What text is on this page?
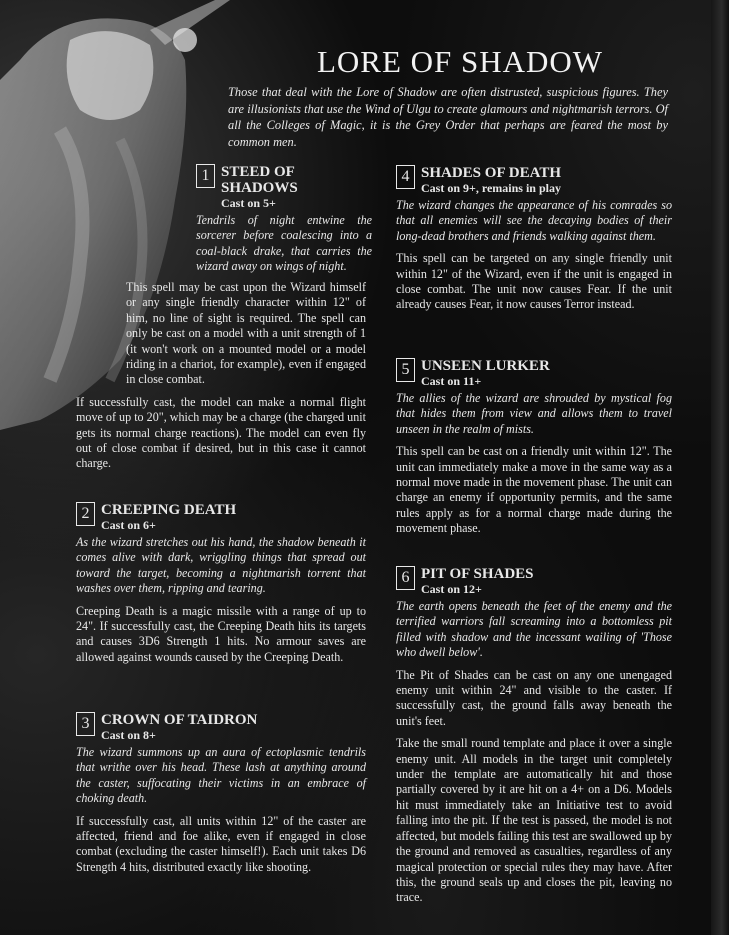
LORE OF SHADOW

Those that deal with the Lore of Shadow are often distrusted, suspicious figures. They are illusionists that use the Wind of Ulgu to create glamours and nightmarish terrors. Of all the Colleges of Magic, it is the Grey Order that perhaps are feared the most by common men.

1 STEED OF SHADOWS
Cast on 5+

Tendrils of night entwine the sorcerer before coalescing into a coal-black drake, that carries the wizard away on wings of night.

This spell may be cast upon the Wizard himself or any single friendly character within 12" of him, no line of sight is required. The spell can only be cast on a model with a unit strength of 1 (it won't work on a mounted model or a model riding in a chariot, for example), even if engaged in close combat.

If successfully cast, the model can make a normal flight move of up to 20", which may be a charge (the charged unit gets its normal charge reactions). The model can even fly out of close combat if desired, but in this case it cannot charge.

2 CREEPING DEATH
Cast on 6+

As the wizard stretches out his hand, the shadow beneath it comes alive with dark, wriggling things that spread out toward the target, becoming a nightmarish torrent that washes over them, ripping and tearing.

Creeping Death is a magic missile with a range of up to 24". If successfully cast, the Creeping Death hits its targets and causes 3D6 Strength 1 hits. No armour saves are allowed against wounds caused by the Creeping Death.

3 CROWN OF TAIDRON
Cast on 8+

The wizard summons up an aura of ectoplasmic tendrils that writhe over his head. These lash at anything around the caster, suffocating their victims in an embrace of choking death.

If successfully cast, all units within 12" of the caster are affected, friend and foe alike, even if engaged in close combat (excluding the caster himself!). Each unit takes D6 Strength 4 hits, distributed exactly like shooting.

4 SHADES OF DEATH
Cast on 9+, remains in play

The wizard changes the appearance of his comrades so that all enemies will see the decaying bodies of their long-dead brothers and friends walking against them.

This spell can be targeted on any single friendly unit within 12" of the Wizard, even if the unit is engaged in close combat. The unit now causes Fear. If the unit already causes Fear, it now causes Terror instead.

5 UNSEEN LURKER
Cast on 11+

The allies of the wizard are shrouded by mystical fog that hides them from view and allows them to travel unseen in the realm of mists.

This spell can be cast on a friendly unit within 12". The unit can immediately make a move in the same way as a normal move made in the movement phase. The unit can charge an enemy if opportunity permits, and the same rules apply as for a normal charge made during the movement phase.

6 PIT OF SHADES
Cast on 12+

The earth opens beneath the feet of the enemy and the terrified warriors fall screaming into a bottomless pit filled with shadow and the incessant wailing of 'Those who dwell below'.

The Pit of Shades can be cast on any one unengaged enemy unit within 24" and visible to the caster. If successfully cast, the ground falls away beneath the unit's feet.

Take the small round template and place it over a single enemy unit. All models in the target unit completely under the template are automatically hit and those partially covered by it are hit on a 4+ on a D6. Models hit must immediately take an Initiative test to avoid falling into the pit. If the test is passed, the model is not affected, but models failing this test are swallowed up by the ground and removed as casualties, regardless of any magical protection or special rules they may have. After this, the ground seals up and closes the pit, leaving no trace.
